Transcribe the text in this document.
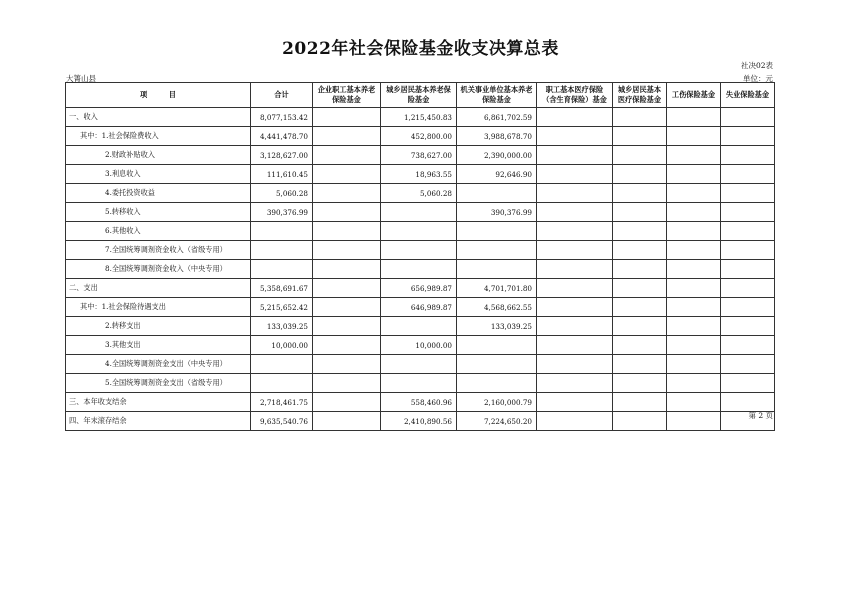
2022年社会保险基金收支决算总表
社决02表
大箐山县	单位：元
项　　　目	合计	企业职工基本养老保险基金	城乡居民基本养老保险基金	机关事业单位基本养老保险基金	职工基本医疗保险（含生育保险）基金	城乡居民基本医疗保险基金	工伤保险基金	失业保险基金
一、收入	8,077,153.42		1,215,450.83	6,861,702.59				
其中：1.社会保险费收入	4,441,478.70		452,800.00	3,988,678.70				
2.财政补贴收入	3,128,627.00		738,627.00	2,390,000.00				
3.利息收入	111,610.45		18,963.55	92,646.90				
4.委托投资收益	5,060.28		5,060.28					
5.转移收入	390,376.99			390,376.99				
6.其他收入								
7.全国统筹调剂资金收入（省级专用）								
8.全国统筹调剂资金收入（中央专用）								
二、支出	5,358,691.67		656,989.87	4,701,701.80				
其中：1.社会保险待遇支出	5,215,652.42		646,989.87	4,568,662.55				
2.转移支出	133,039.25			133,039.25				
3.其他支出	10,000.00		10,000.00					
4.全国统筹调剂资金支出（中央专用）								
5.全国统筹调剂资金支出（省级专用）								
三、本年收支结余	2,718,461.75		558,460.96	2,160,000.79				
四、年末滚存结余	9,635,540.76		2,410,890.56	7,224,650.20				
第 2 页
